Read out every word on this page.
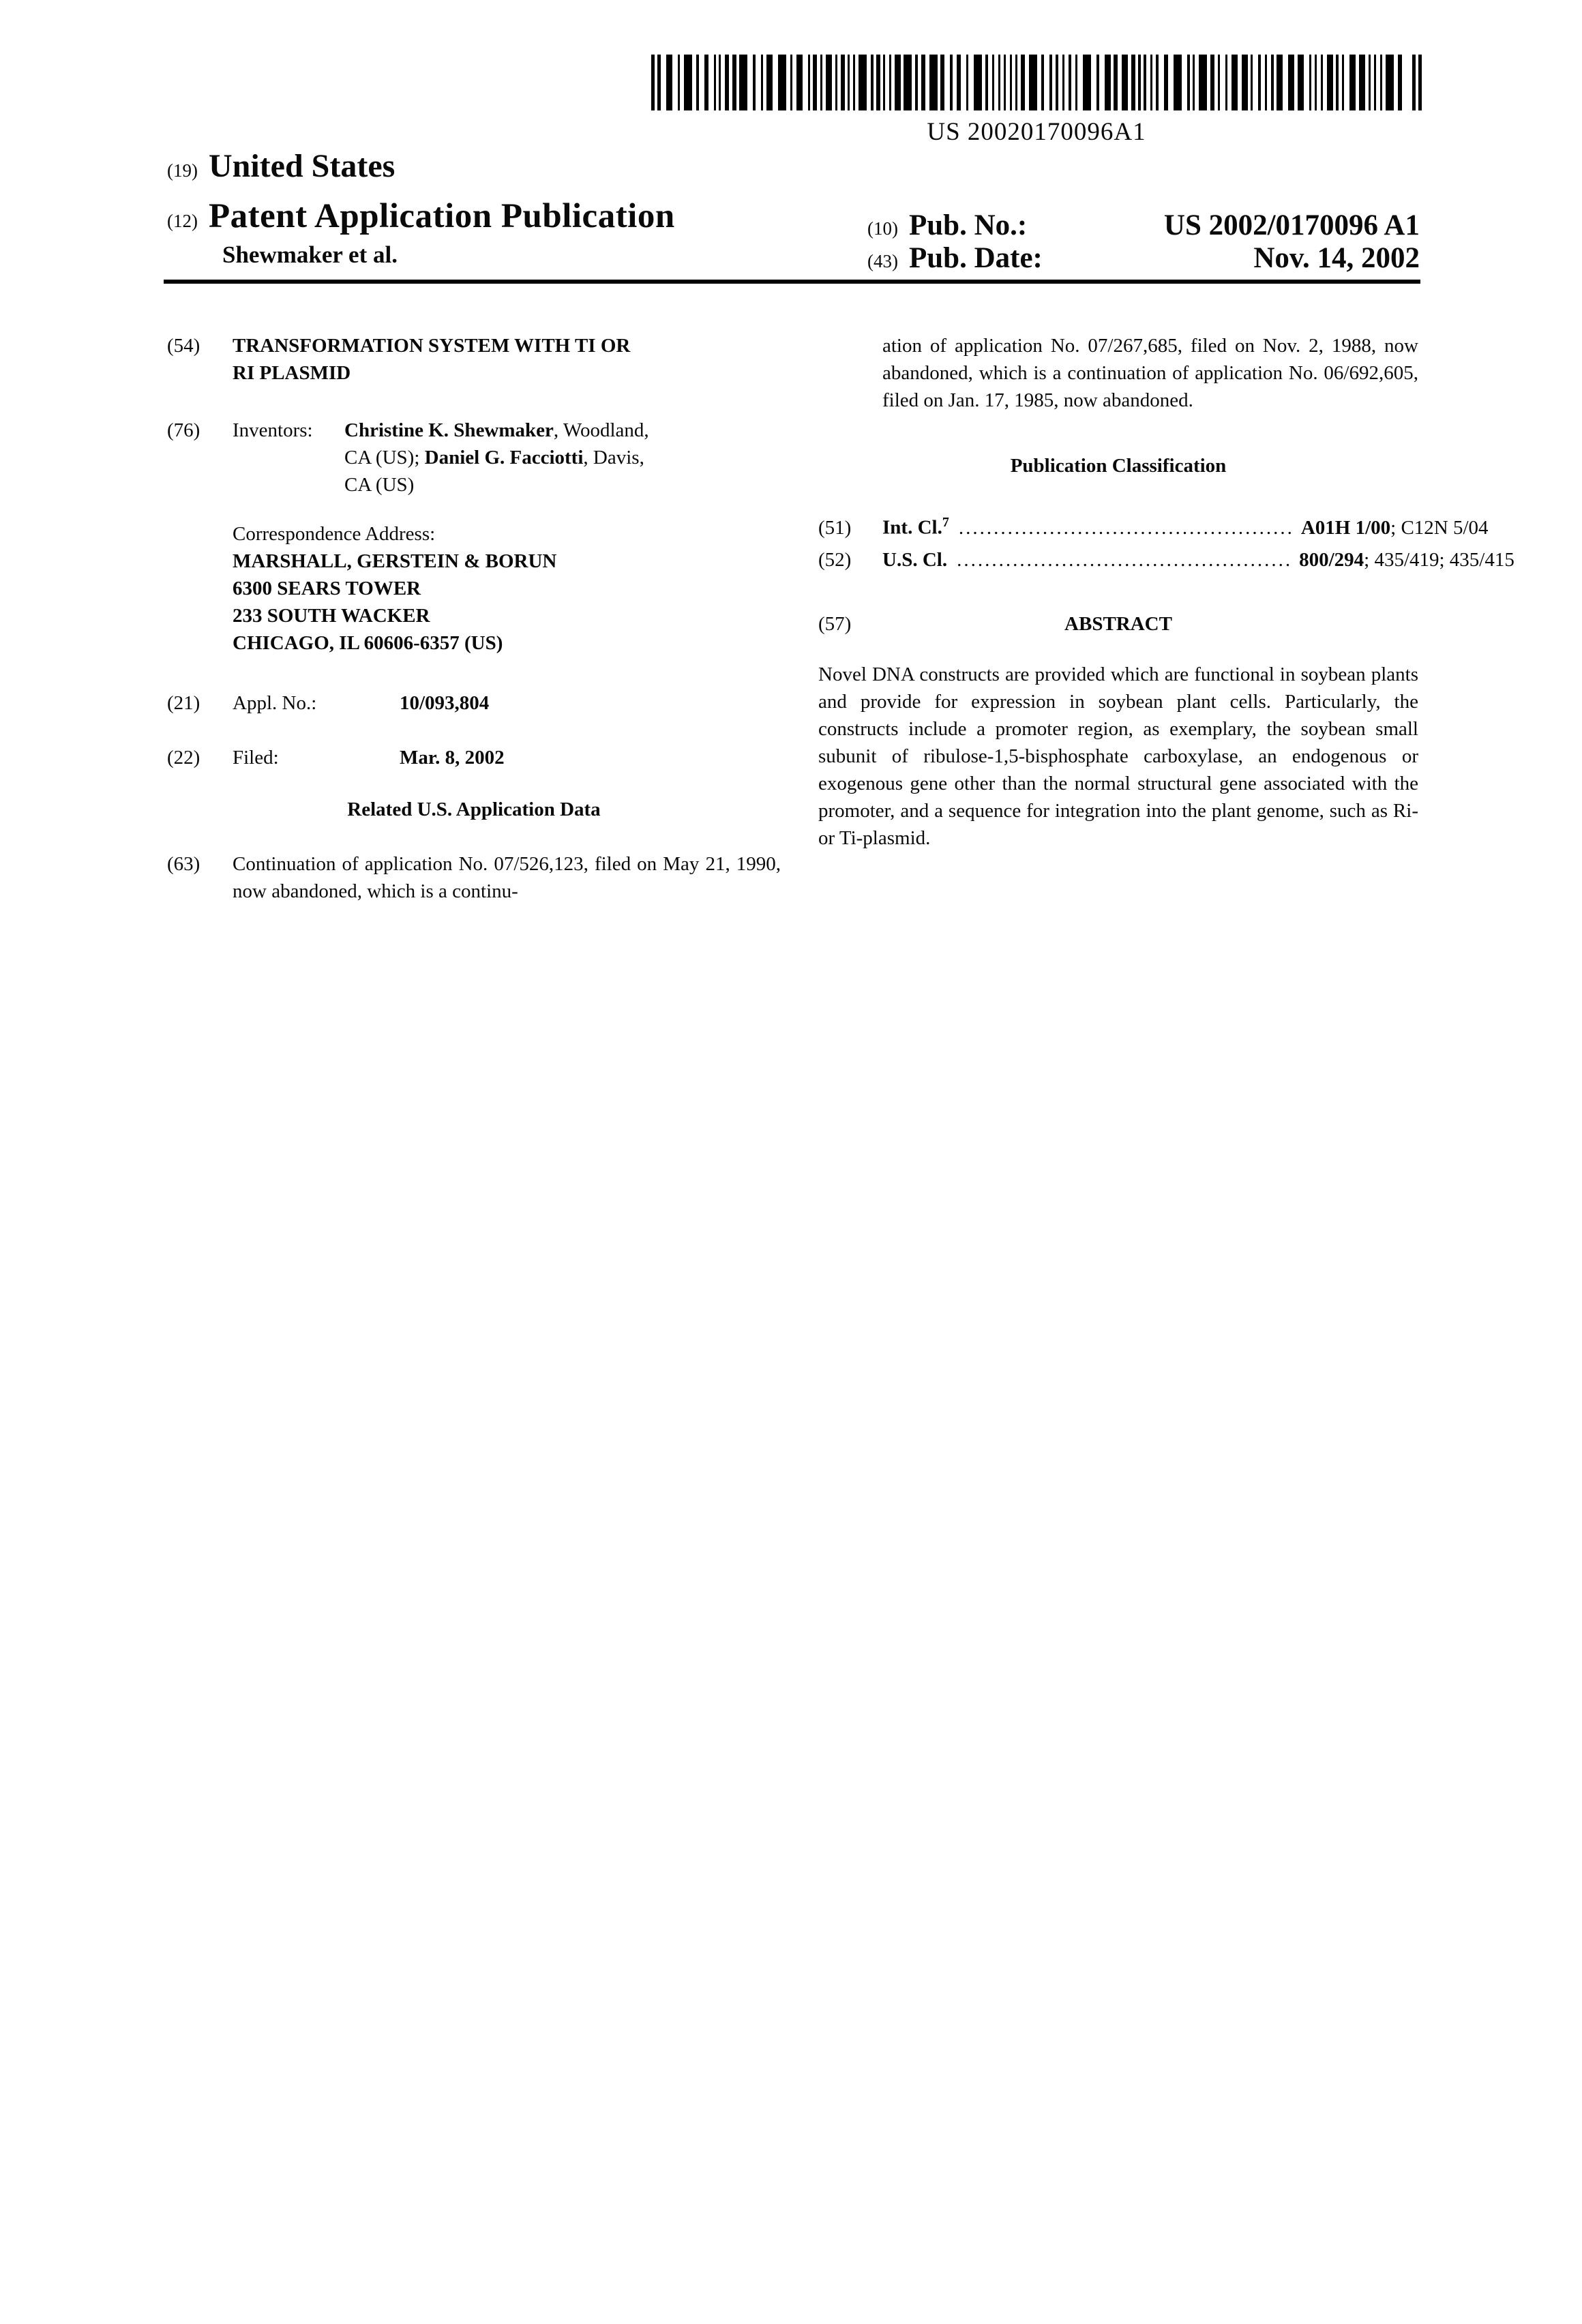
US 20020170096A1
(19) United States
(12) Patent Application Publication	(10) Pub. No.:	US 2002/0170096 A1
Shewmaker et al.	(43) Pub. Date:	Nov. 14, 2002
(54)	TRANSFORMATION SYSTEM WITH TI OR
RI PLASMID
(76)	Inventors:	Christine K. Shewmaker, Woodland,
CA (US); Daniel G. Facciotti, Davis,
CA (US)
Correspondence Address:
MARSHALL, GERSTEIN & BORUN
6300 SEARS TOWER
233 SOUTH WACKER
CHICAGO, IL 60606-6357 (US)
(21)	Appl. No.:	10/093,804
(22)	Filed:	Mar. 8, 2002
Related U.S. Application Data
(63)	Continuation of application No. 07/526,123, filed on May 21, 1990, now abandoned, which is a continu-
ation of application No. 07/267,685, filed on Nov. 2, 1988, now abandoned, which is a continuation of application No. 06/692,605, filed on Jan. 17, 1985, now abandoned.
Publication Classification
(51)	Int. Cl.$^7$ ................................................ A01H 1/00; C12N 5/04
(52)	U.S. Cl. ................................................ 800/294; 435/419; 435/415
(57)	ABSTRACT
Novel DNA constructs are provided which are functional in soybean plants and provide for expression in soybean plant cells. Particularly, the constructs include a promoter region, as exemplary, the soybean small subunit of ribulose-1,5-bisphosphate carboxylase, an endogenous or exogenous gene other than the normal structural gene associated with the promoter, and a sequence for integration into the plant genome, such as Ri- or Ti-plasmid.
